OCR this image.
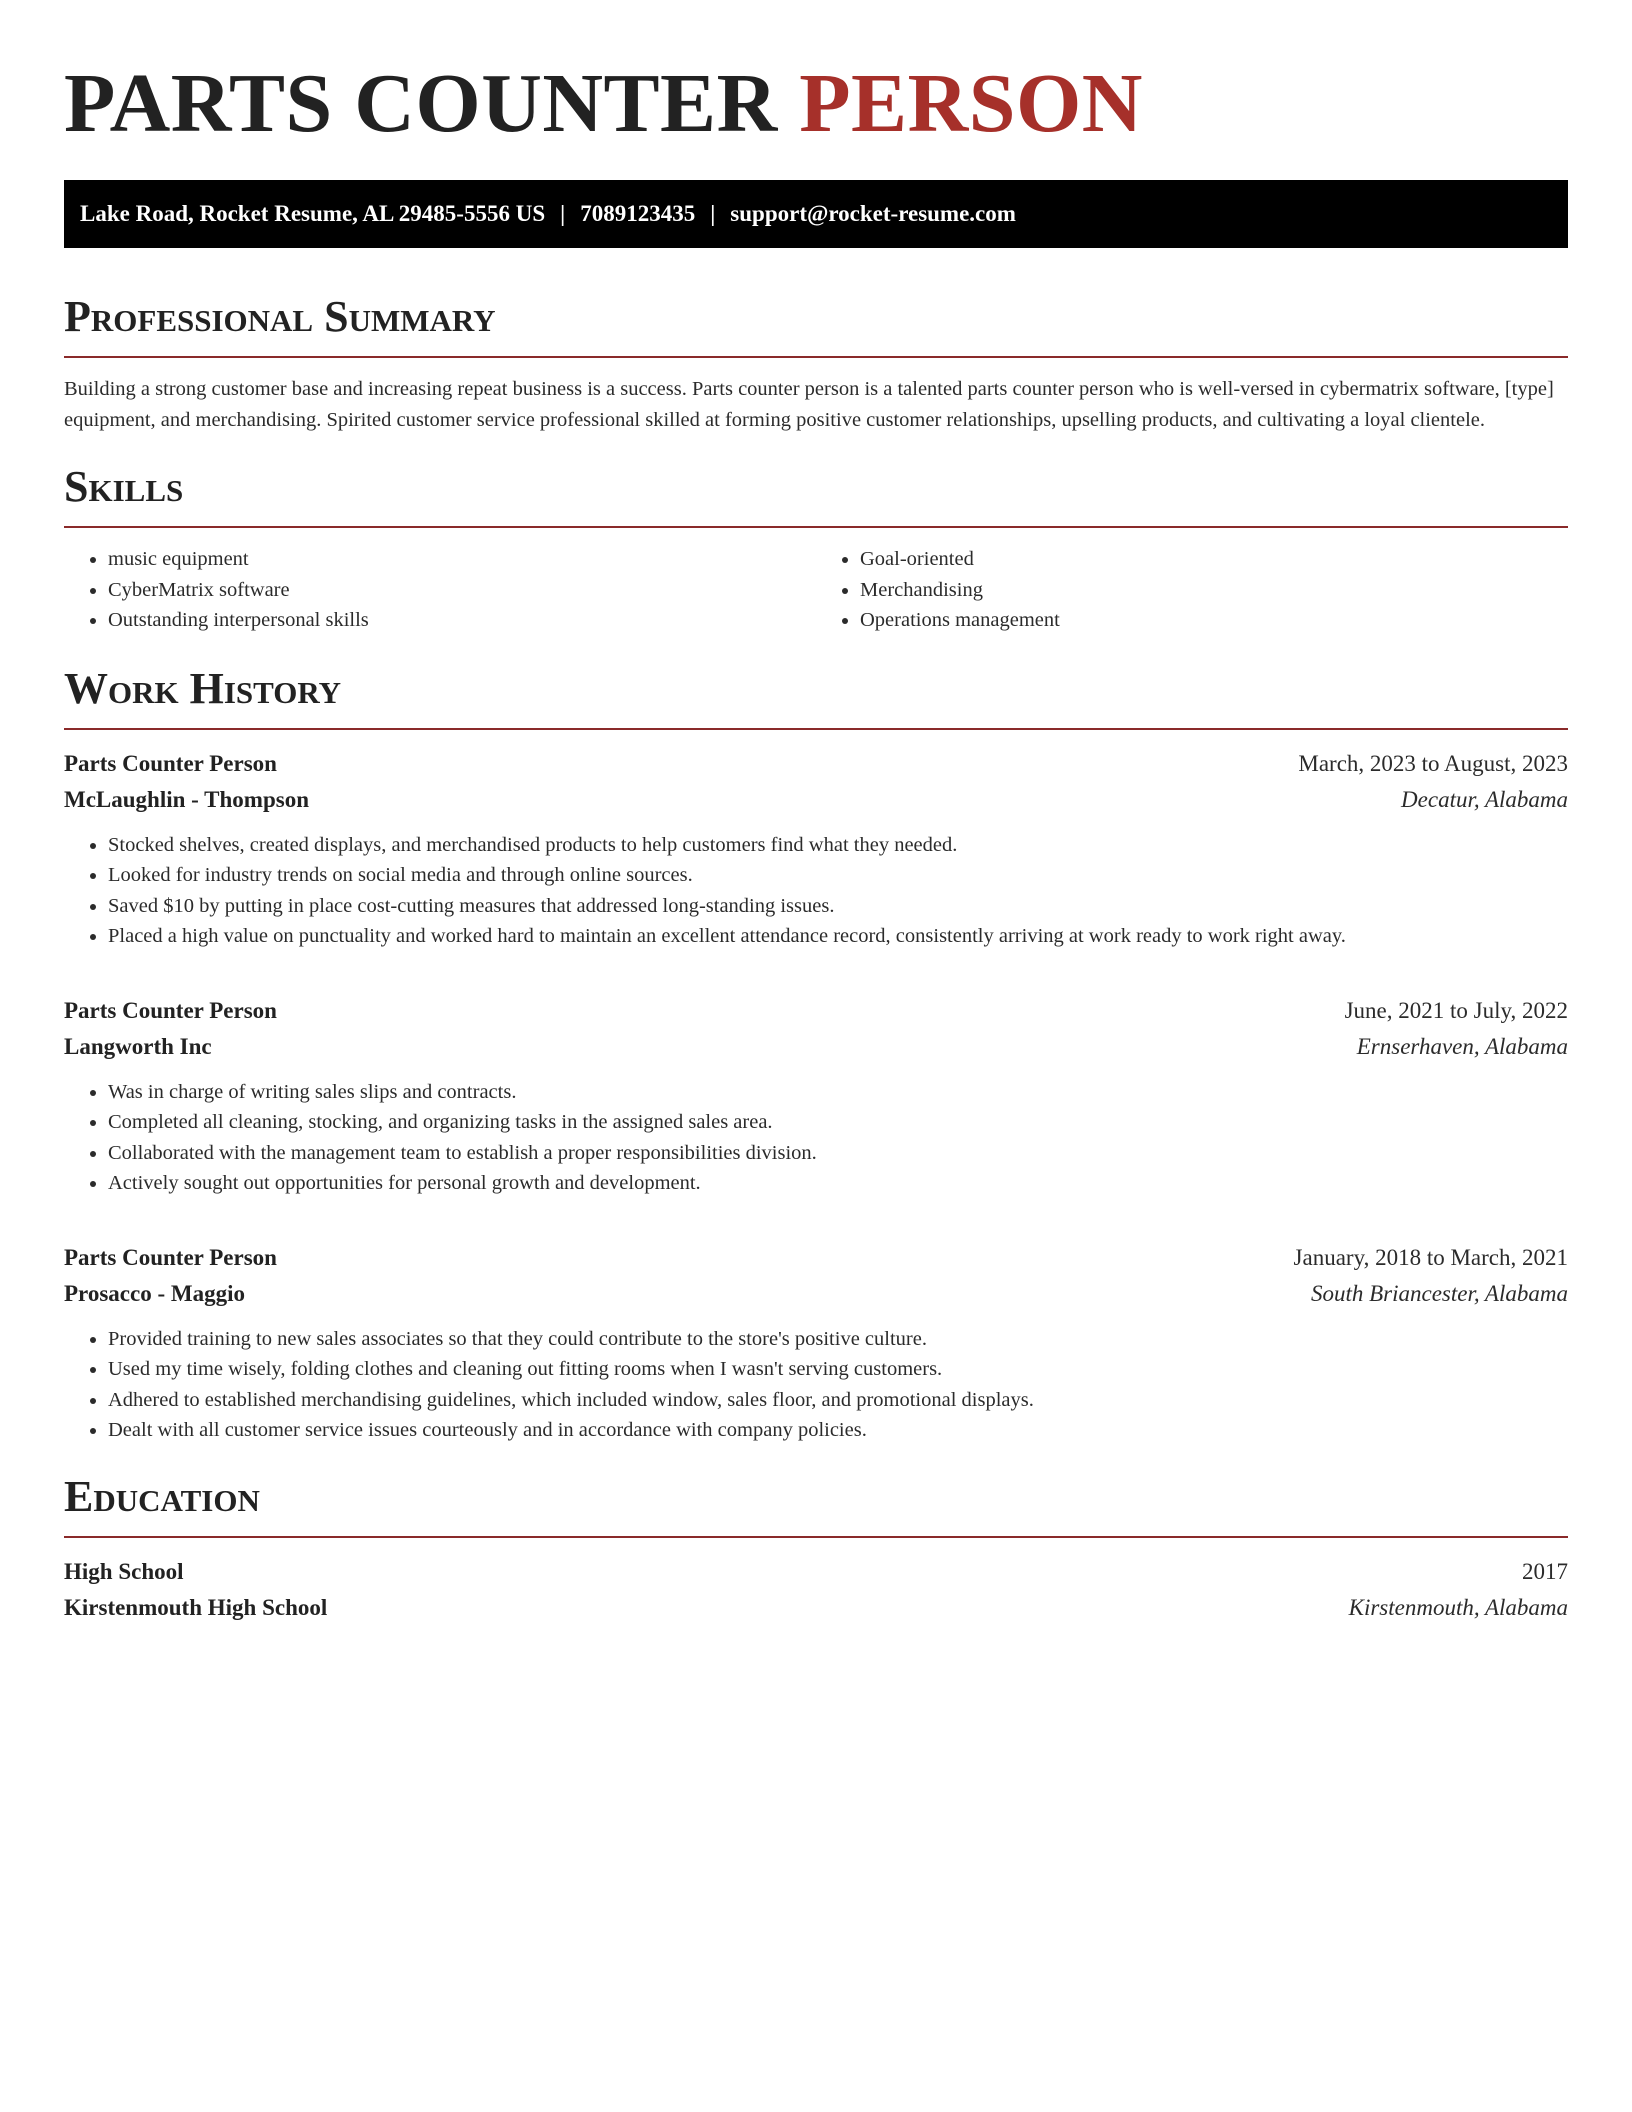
PARTS COUNTER PERSON
Lake Road, Rocket Resume, AL 29485-5556 US | 7089123435 | support@rocket-resume.com
Professional Summary

Building a strong customer base and increasing repeat business is a success. Parts counter person is a talented parts counter person who is well-versed in cybermatrix software, [type] equipment, and merchandising. Spirited customer service professional skilled at forming positive customer relationships, upselling products, and cultivating a loyal clientele.

Skills
• music equipment
• CyberMatrix software
• Outstanding interpersonal skills
• Goal-oriented
• Merchandising
• Operations management
Work History
Parts Counter Person	March, 2023 to August, 2023
McLaughlin - Thompson	Decatur, Alabama
• Stocked shelves, created displays, and merchandised products to help customers find what they needed.
• Looked for industry trends on social media and through online sources.
• Saved $10 by putting in place cost-cutting measures that addressed long-standing issues.
• Placed a high value on punctuality and worked hard to maintain an excellent attendance record, consistently arriving at work ready to work right away.
Parts Counter Person	June, 2021 to July, 2022
Langworth Inc	Ernserhaven, Alabama
• Was in charge of writing sales slips and contracts.
• Completed all cleaning, stocking, and organizing tasks in the assigned sales area.
• Collaborated with the management team to establish a proper responsibilities division.
• Actively sought out opportunities for personal growth and development.
Parts Counter Person	January, 2018 to March, 2021
Prosacco - Maggio	South Briancester, Alabama
• Provided training to new sales associates so that they could contribute to the store's positive culture.
• Used my time wisely, folding clothes and cleaning out fitting rooms when I wasn't serving customers.
• Adhered to established merchandising guidelines, which included window, sales floor, and promotional displays.
• Dealt with all customer service issues courteously and in accordance with company policies.
Education
High School	2017
Kirstenmouth High School	Kirstenmouth, Alabama
